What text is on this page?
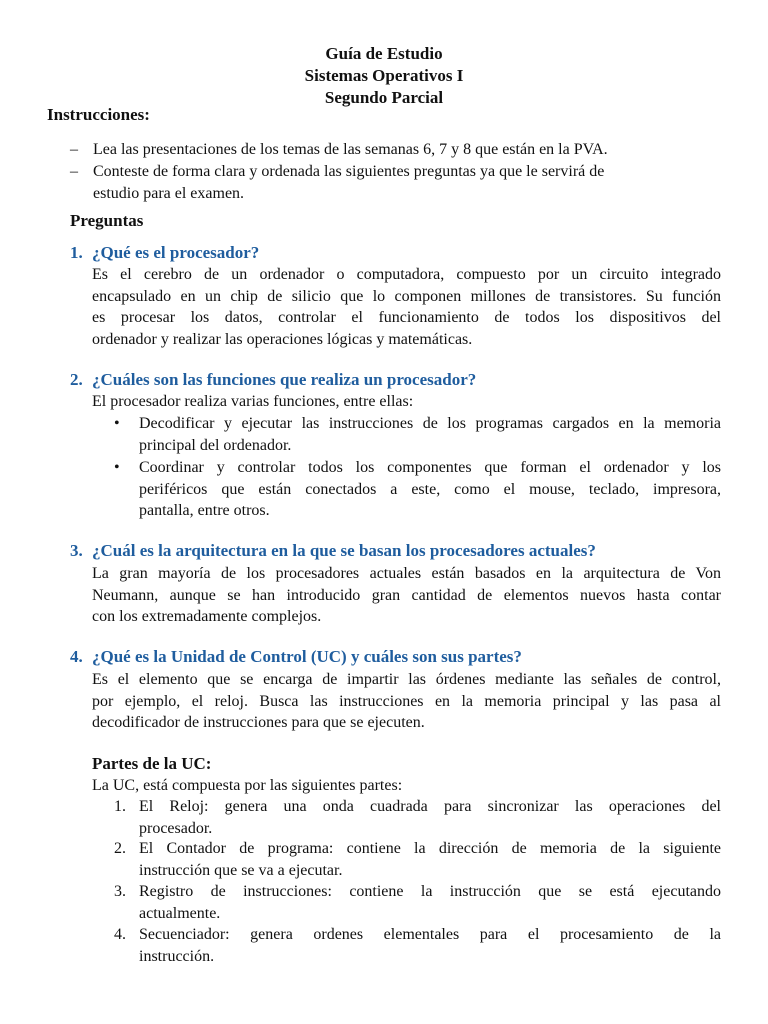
Guía de Estudio
Sistemas Operativos I
Segundo Parcial
Instrucciones:
– Lea las presentaciones de los temas de las semanas 6, 7 y 8 que están en la PVA.
– Conteste de forma clara y ordenada las siguientes preguntas ya que le servirá de
estudio para el examen.
Preguntas
1. ¿Qué es el procesador?
Es el cerebro de un ordenador o computadora, compuesto por un circuito integrado
encapsulado en un chip de silicio que lo componen millones de transistores. Su función
es procesar los datos, controlar el funcionamiento de todos los dispositivos del
ordenador y realizar las operaciones lógicas y matemáticas.
2. ¿Cuáles son las funciones que realiza un procesador?
El procesador realiza varias funciones, entre ellas:
• Decodificar y ejecutar las instrucciones de los programas cargados en la memoria
principal del ordenador.
• Coordinar y controlar todos los componentes que forman el ordenador y los
periféricos que están conectados a este, como el mouse, teclado, impresora,
pantalla, entre otros.
3. ¿Cuál es la arquitectura en la que se basan los procesadores actuales?
La gran mayoría de los procesadores actuales están basados en la arquitectura de Von
Neumann, aunque se han introducido gran cantidad de elementos nuevos hasta contar
con los extremadamente complejos.
4. ¿Qué es la Unidad de Control (UC) y cuáles son sus partes?
Es el elemento que se encarga de impartir las órdenes mediante las señales de control,
por ejemplo, el reloj. Busca las instrucciones en la memoria principal y las pasa al
decodificador de instrucciones para que se ejecuten.
Partes de la UC:
La UC, está compuesta por las siguientes partes:
1. El Reloj: genera una onda cuadrada para sincronizar las operaciones del
procesador.
2. El Contador de programa: contiene la dirección de memoria de la siguiente
instrucción que se va a ejecutar.
3. Registro de instrucciones: contiene la instrucción que se está ejecutando
actualmente.
4. Secuenciador: genera ordenes elementales para el procesamiento de la
instrucción.
